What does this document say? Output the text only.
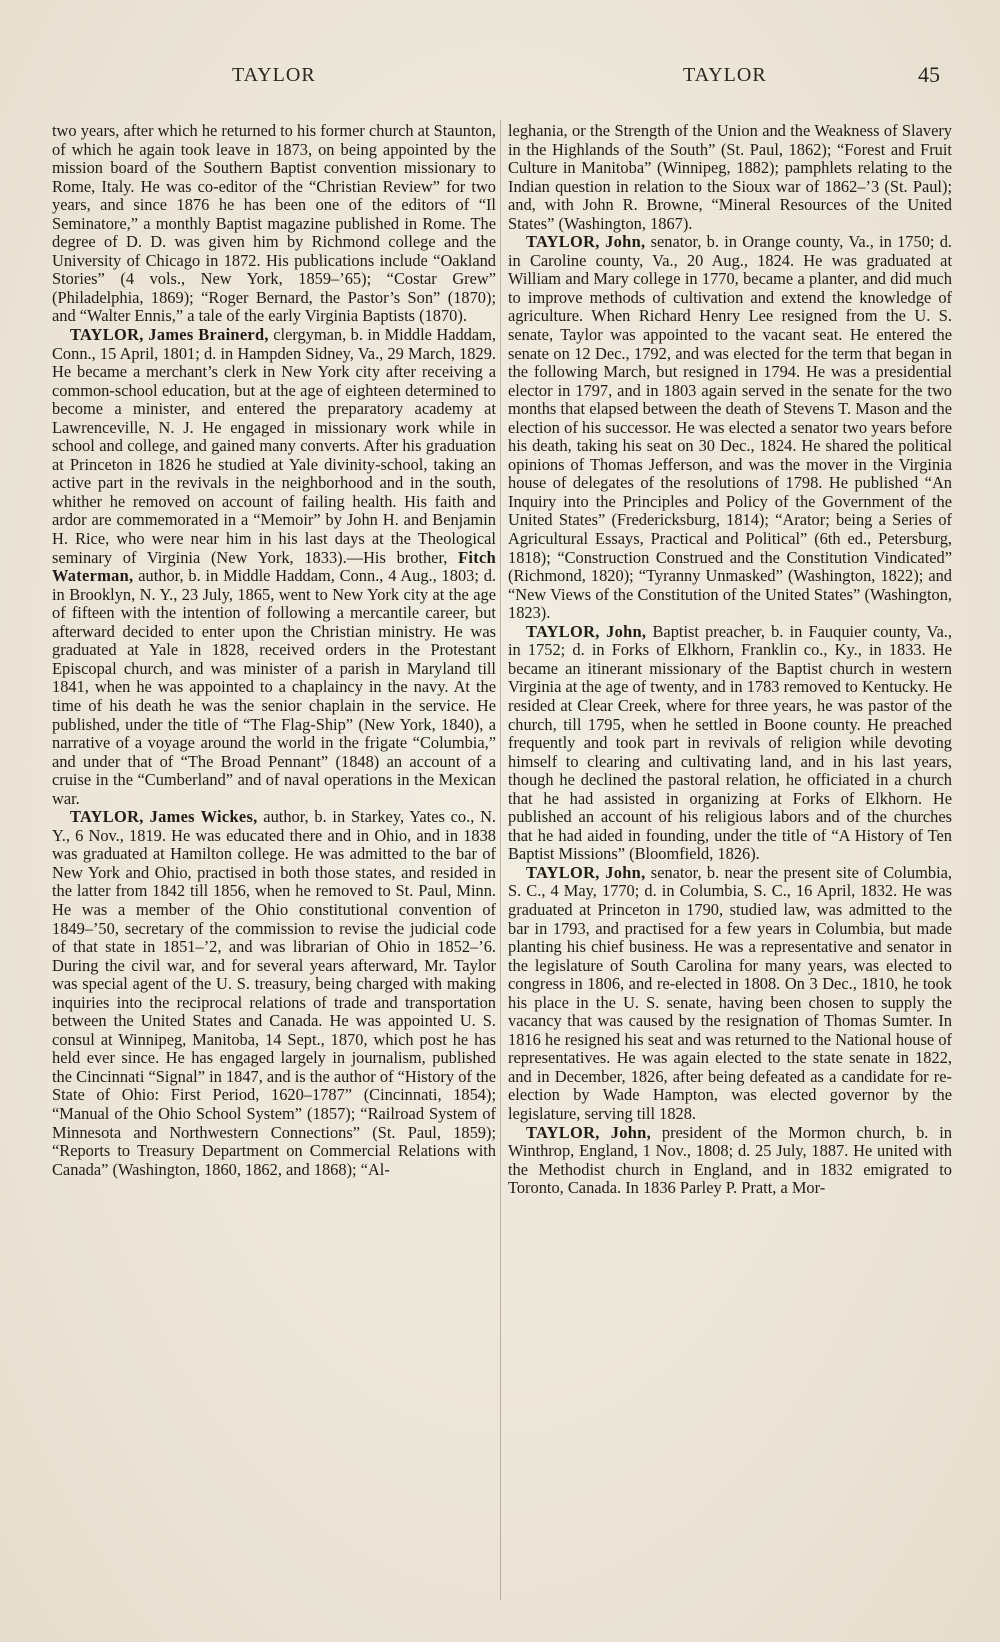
TAYLOR	TAYLOR	45

two years, after which he returned to his former church at Staunton, of which he again took leave in 1873, on being appointed by the mission board of the Southern Baptist convention missionary to Rome, Italy. He was co-editor of the “Christian Review” for two years, and since 1876 he has been one of the editors of “Il Seminatore,” a monthly Baptist magazine published in Rome. The degree of D. D. was given him by Richmond college and the University of Chicago in 1872. His publications include “Oakland Stories” (4 vols., New York, 1859–’65); “Costar Grew” (Philadelphia, 1869); “Roger Bernard, the Pastor’s Son” (1870); and “Walter Ennis,” a tale of the early Virginia Baptists (1870).

TAYLOR, James Brainerd, clergyman, b. in Middle Haddam, Conn., 15 April, 1801; d. in Hampden Sidney, Va., 29 March, 1829. He became a merchant’s clerk in New York city after receiving a common-school education, but at the age of eighteen determined to become a minister, and entered the preparatory academy at Lawrenceville, N. J. He engaged in missionary work while in school and college, and gained many converts. After his graduation at Princeton in 1826 he studied at Yale divinity-school, taking an active part in the revivals in the neighborhood and in the south, whither he removed on account of failing health. His faith and ardor are commemorated in a “Memoir” by John H. and Benjamin H. Rice, who were near him in his last days at the Theological seminary of Virginia (New York, 1833).—His brother, Fitch Waterman, author, b. in Middle Haddam, Conn., 4 Aug., 1803; d. in Brooklyn, N. Y., 23 July, 1865, went to New York city at the age of fifteen with the intention of following a mercantile career, but afterward decided to enter upon the Christian ministry. He was graduated at Yale in 1828, received orders in the Protestant Episcopal church, and was minister of a parish in Maryland till 1841, when he was appointed to a chaplaincy in the navy. At the time of his death he was the senior chaplain in the service. He published, under the title of “The Flag-Ship” (New York, 1840), a narrative of a voyage around the world in the frigate “Columbia,” and under that of “The Broad Pennant” (1848) an account of a cruise in the “Cumberland” and of naval operations in the Mexican war.

TAYLOR, James Wickes, author, b. in Starkey, Yates co., N. Y., 6 Nov., 1819. He was educated there and in Ohio, and in 1838 was graduated at Hamilton college. He was admitted to the bar of New York and Ohio, practised in both those states, and resided in the latter from 1842 till 1856, when he removed to St. Paul, Minn. He was a member of the Ohio constitutional convention of 1849–’50, secretary of the commission to revise the judicial code of that state in 1851–’2, and was librarian of Ohio in 1852–’6. During the civil war, and for several years afterward, Mr. Taylor was special agent of the U. S. treasury, being charged with making inquiries into the reciprocal relations of trade and transportation between the United States and Canada. He was appointed U. S. consul at Winnipeg, Manitoba, 14 Sept., 1870, which post he has held ever since. He has engaged largely in journalism, published the Cincinnati “Signal” in 1847, and is the author of “History of the State of Ohio: First Period, 1620–1787” (Cincinnati, 1854); “Manual of the Ohio School System” (1857); “Railroad System of Minnesota and Northwestern Connections” (St. Paul, 1859); “Reports to Treasury Department on Commercial Relations with Canada” (Washington, 1860, 1862, and 1868); “Al-

leghania, or the Strength of the Union and the Weakness of Slavery in the Highlands of the South” (St. Paul, 1862); “Forest and Fruit Culture in Manitoba” (Winnipeg, 1882); pamphlets relating to the Indian question in relation to the Sioux war of 1862–’3 (St. Paul); and, with John R. Browne, “Mineral Resources of the United States” (Washington, 1867).

TAYLOR, John, senator, b. in Orange county, Va., in 1750; d. in Caroline county, Va., 20 Aug., 1824. He was graduated at William and Mary college in 1770, became a planter, and did much to improve methods of cultivation and extend the knowledge of agriculture. When Richard Henry Lee resigned from the U. S. senate, Taylor was appointed to the vacant seat. He entered the senate on 12 Dec., 1792, and was elected for the term that began in the following March, but resigned in 1794. He was a presidential elector in 1797, and in 1803 again served in the senate for the two months that elapsed between the death of Stevens T. Mason and the election of his successor. He was elected a senator two years before his death, taking his seat on 30 Dec., 1824. He shared the political opinions of Thomas Jefferson, and was the mover in the Virginia house of delegates of the resolutions of 1798. He published “An Inquiry into the Principles and Policy of the Government of the United States” (Fredericksburg, 1814); “Arator; being a Series of Agricultural Essays, Practical and Political” (6th ed., Petersburg, 1818); “Construction Construed and the Constitution Vindicated” (Richmond, 1820); “Tyranny Unmasked” (Washington, 1822); and “New Views of the Constitution of the United States” (Washington, 1823).

TAYLOR, John, Baptist preacher, b. in Fauquier county, Va., in 1752; d. in Forks of Elkhorn, Franklin co., Ky., in 1833. He became an itinerant missionary of the Baptist church in western Virginia at the age of twenty, and in 1783 removed to Kentucky. He resided at Clear Creek, where for three years, he was pastor of the church, till 1795, when he settled in Boone county. He preached frequently and took part in revivals of religion while devoting himself to clearing and cultivating land, and in his last years, though he declined the pastoral relation, he officiated in a church that he had assisted in organizing at Forks of Elkhorn. He published an account of his religious labors and of the churches that he had aided in founding, under the title of “A History of Ten Baptist Missions” (Bloomfield, 1826).

TAYLOR, John, senator, b. near the present site of Columbia, S. C., 4 May, 1770; d. in Columbia, S. C., 16 April, 1832. He was graduated at Princeton in 1790, studied law, was admitted to the bar in 1793, and practised for a few years in Columbia, but made planting his chief business. He was a representative and senator in the legislature of South Carolina for many years, was elected to congress in 1806, and re-elected in 1808. On 3 Dec., 1810, he took his place in the U. S. senate, having been chosen to supply the vacancy that was caused by the resignation of Thomas Sumter. In 1816 he resigned his seat and was returned to the National house of representatives. He was again elected to the state senate in 1822, and in December, 1826, after being defeated as a candidate for re-election by Wade Hampton, was elected governor by the legislature, serving till 1828.

TAYLOR, John, president of the Mormon church, b. in Winthrop, England, 1 Nov., 1808; d. 25 July, 1887. He united with the Methodist church in England, and in 1832 emigrated to Toronto, Canada. In 1836 Parley P. Pratt, a Mor-
